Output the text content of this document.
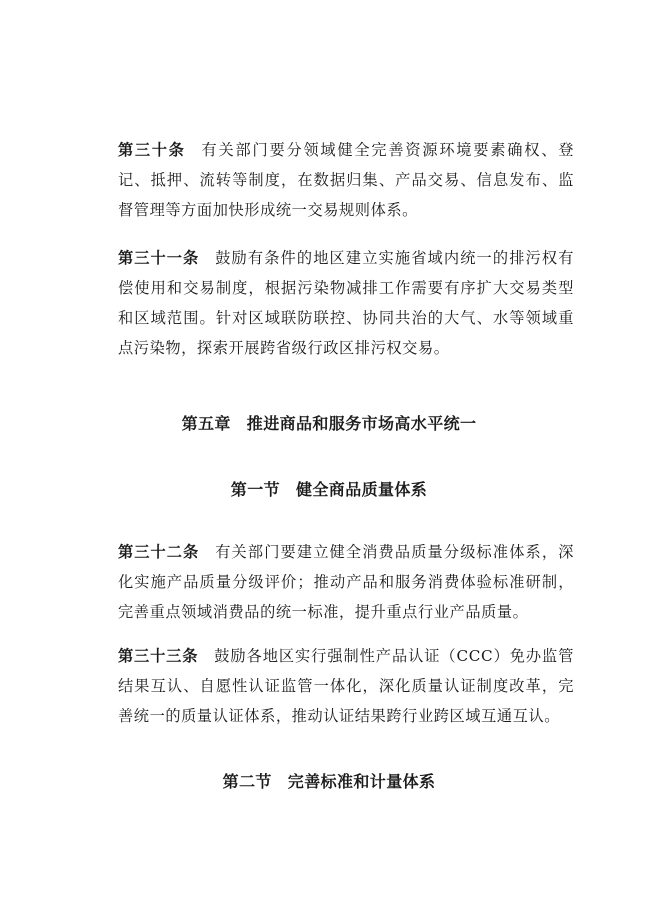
第三十条 有关部门要分领域健全完善资源环境要素确权、登记、抵押、流转等制度，在数据归集、产品交易、信息发布、监督管理等方面加快形成统一交易规则体系。

第三十一条 鼓励有条件的地区建立实施省域内统一的排污权有偿使用和交易制度，根据污染物减排工作需要有序扩大交易类型和区域范围。针对区域联防联控、协同共治的大气、水等领域重点污染物，探索开展跨省级行政区排污权交易。

第五章 推进商品和服务市场高水平统一
第一节 健全商品质量体系

第三十二条 有关部门要建立健全消费品质量分级标准体系，深化实施产品质量分级评价；推动产品和服务消费体验标准研制，完善重点领域消费品的统一标准，提升重点行业产品质量。

第三十三条 鼓励各地区实行强制性产品认证（CCC）免办监管结果互认、自愿性认证监管一体化，深化质量认证制度改革，完善统一的质量认证体系，推动认证结果跨行业跨区域互通互认。

第二节 完善标准和计量体系
